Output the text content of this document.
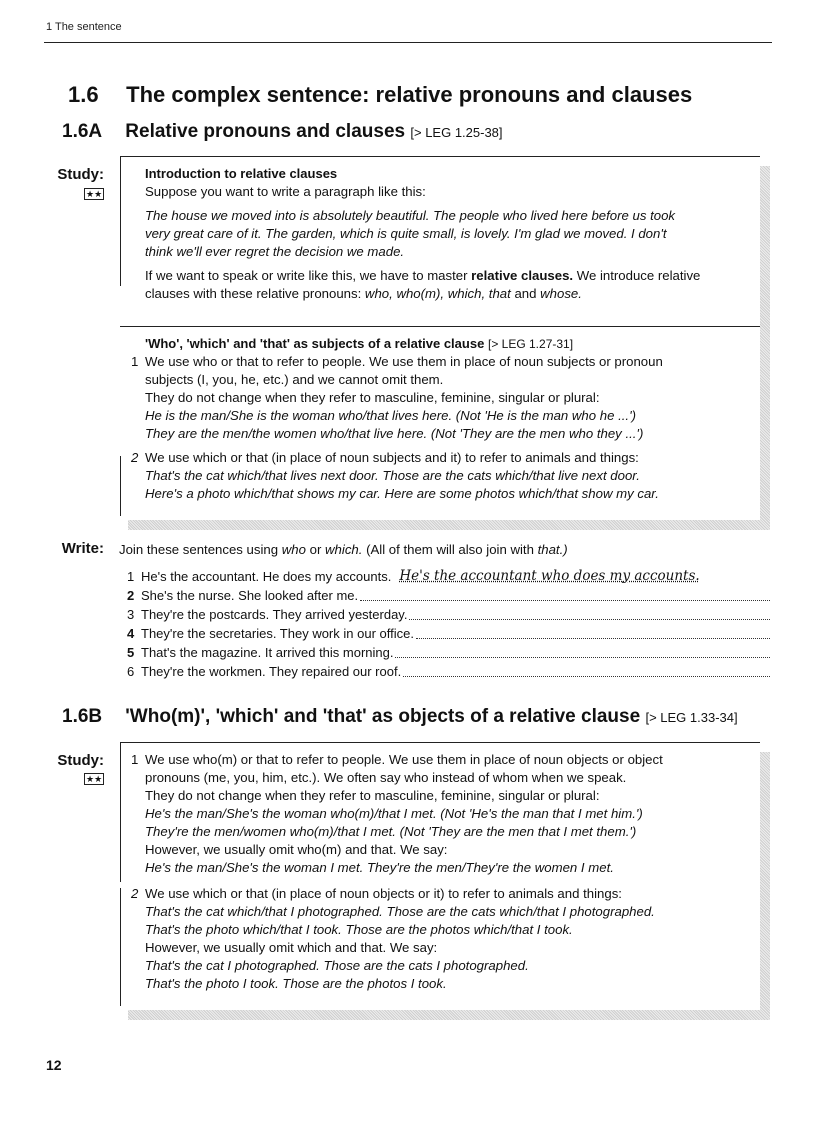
1 The sentence
1.6 The complex sentence: relative pronouns and clauses
1.6A Relative pronouns and clauses [> LEG 1.25-38]
Study:
★★
Introduction to relative clauses
Suppose you want to write a paragraph like this:
The house we moved into is absolutely beautiful. The people who lived here before us took
very great care of it. The garden, which is quite small, is lovely. I'm glad we moved. I don't
think we'll ever regret the decision we made.
If we want to speak or write like this, we have to master relative clauses. We introduce relative
clauses with these relative pronouns: who, who(m), which, that and whose.
'Who', 'which' and 'that' as subjects of a relative clause [> LEG 1.27-31]
1 We use who or that to refer to people. We use them in place of noun subjects or pronoun
subjects (I, you, he, etc.) and we cannot omit them.
They do not change when they refer to masculine, feminine, singular or plural:
He is the man/She is the woman who/that lives here. (Not 'He is the man who he ...')
They are the men/the women who/that live here. (Not 'They are the men who they ...')
2 We use which or that (in place of noun subjects and it) to refer to animals and things:
That's the cat which/that lives next door. Those are the cats which/that live next door.
Here's a photo which/that shows my car. Here are some photos which/that show my car.
Write: Join these sentences using who or which. (All of them will also join with that.)
1 He's the accountant. He does my accounts. He's the accountant who does my accounts.
2 She's the nurse. She looked after me.
3 They're the postcards. They arrived yesterday.
4 They're the secretaries. They work in our office.
5 That's the magazine. It arrived this morning.
6 They're the workmen. They repaired our roof.
1.6B 'Who(m)', 'which' and 'that' as objects of a relative clause [> LEG 1.33-34]
Study:
★★
1 We use who(m) or that to refer to people. We use them in place of noun objects or object
pronouns (me, you, him, etc.). We often say who instead of whom when we speak.
They do not change when they refer to masculine, feminine, singular or plural:
He's the man/She's the woman who(m)/that I met. (Not 'He's the man that I met him.')
They're the men/women who(m)/that I met. (Not 'They are the men that I met them.')
However, we usually omit who(m) and that. We say:
He's the man/She's the woman I met. They're the men/They're the women I met.
2 We use which or that (in place of noun objects or it) to refer to animals and things:
That's the cat which/that I photographed. Those are the cats which/that I photographed.
That's the photo which/that I took. Those are the photos which/that I took.
However, we usually omit which and that. We say:
That's the cat I photographed. Those are the cats I photographed.
That's the photo I took. Those are the photos I took.
12
